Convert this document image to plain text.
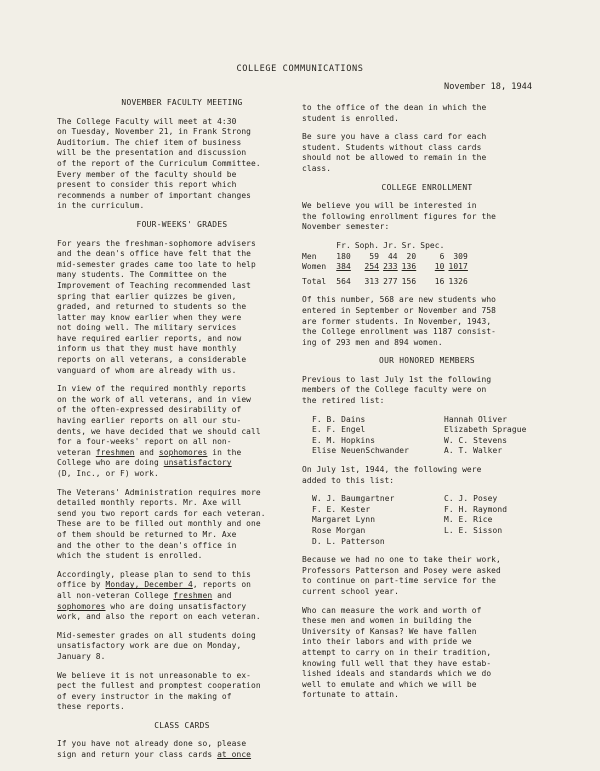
COLLEGE COMMUNICATIONS
November 18, 1944
NOVEMBER FACULTY MEETING

The College Faculty will meet at 4:30
on Tuesday, November 21, in Frank Strong
Auditorium. The chief item of business
will be the presentation and discussion
of the report of the Curriculum Committee.
Every member of the faculty should be
present to consider this report which
recommends a number of important changes
in the curriculum.

FOUR-WEEKS' GRADES

For years the freshman-sophomore advisers
and the dean's office have felt that the
mid-semester grades came too late to help
many students. The Committee on the
Improvement of Teaching recommended last
spring that earlier quizzes be given,
graded, and returned to students so the
latter may know earlier when they were
not doing well. The military services
have required earlier reports, and now
inform us that they must have monthly
reports on all veterans, a considerable
vanguard of whom are already with us.

In view of the required monthly reports
on the work of all veterans, and in view
of the often-expressed desirability of
having earlier reports on all our stu-
dents, we have decided that we should call
for a four-weeks' report on all non-
veteran freshmen and sophomores in the
College who are doing unsatisfactory
(D, Inc., or F) work.

The Veterans' Administration requires more
detailed monthly reports. Mr. Axe will
send you two report cards for each veteran.
These are to be filled out monthly and one
of them should be returned to Mr. Axe
and the other to the dean's office in
which the student is enrolled.

Accordingly, please plan to send to this
office by Monday, December 4, reports on
all non-veteran College freshmen and
sophomores who are doing unsatisfactory
work, and also the report on each veteran.

Mid-semester grades on all students doing
unsatisfactory work are due on Monday,
January 8.

We believe it is not unreasonable to ex-
pect the fullest and promptest cooperation
of every instructor in the making of
these reports.

CLASS CARDS

If you have not already done so, please
sign and return your class cards at once

to the office of the dean in which the
student is enrolled.

Be sure you have a class card for each
student. Students without class cards
should not be allowed to remain in the
class.

COLLEGE ENROLLMENT

We believe you will be interested in
the following enrollment figures for the
November semester:

	Fr.	Soph.	Jr.	Sr.	Spec.	
Men	180	59	44	20	6	309
Women	384	254	233	136	10	1017

Total	564	313	277	156	16	1326

Of this number, 568 are new students who
entered in September or November and 758
are former students. In November, 1943,
the College enrollment was 1187 consist-
ing of 293 men and 894 women.

OUR HONORED MEMBERS

Previous to last July 1st the following
members of the College faculty were on
the retired list:

F. B. Dains	Hannah Oliver
E. F. Engel	Elizabeth Sprague
E. M. Hopkins	W. C. Stevens
Elise NeuenSchwander	A. T. Walker

On July 1st, 1944, the following were
added to this list:

W. J. Baumgartner	C. J. Posey
F. E. Kester	F. H. Raymond
Margaret Lynn	M. E. Rice
Rose Morgan	L. E. Sisson
D. L. Patterson

Because we had no one to take their work,
Professors Patterson and Posey were asked
to continue on part-time service for the
current school year.

Who can measure the work and worth of
these men and women in building the
University of Kansas? We have fallen
into their labors and with pride we
attempt to carry on in their tradition,
knowing full well that they have estab-
lished ideals and standards which we do
well to emulate and which we will be
fortunate to attain.
